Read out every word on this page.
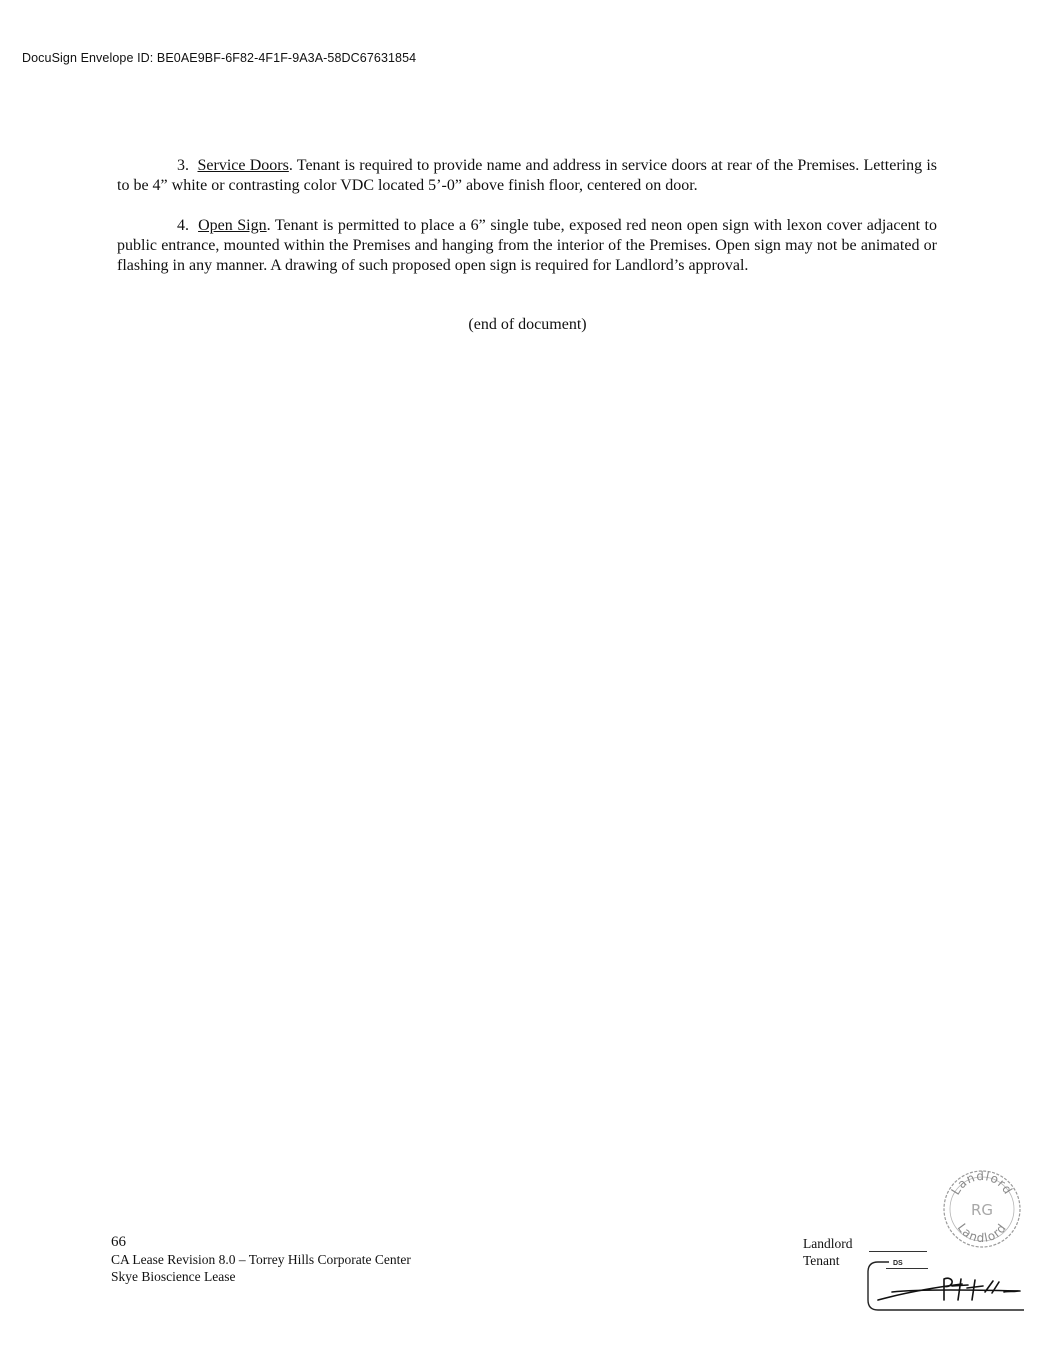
DocuSign Envelope ID: BE0AE9BF-6F82-4F1F-9A3A-58DC67631854
3. Service Doors. Tenant is required to provide name and address in service doors at rear of the Premises. Lettering is to be 4” white or contrasting color VDC located 5’-0” above finish floor, centered on door.
4. Open Sign. Tenant is permitted to place a 6” single tube, exposed red neon open sign with lexon cover adjacent to public entrance, mounted within the Premises and hanging from the interior of the Premises. Open sign may not be animated or flashing in any manner. A drawing of such proposed open sign is required for Landlord’s approval.
(end of document)
66
CA Lease Revision 8.0 – Torrey Hills Corporate Center
Skye Bioscience Lease
Landlord
Tenant	DS
Landlord
RG
Landlord
